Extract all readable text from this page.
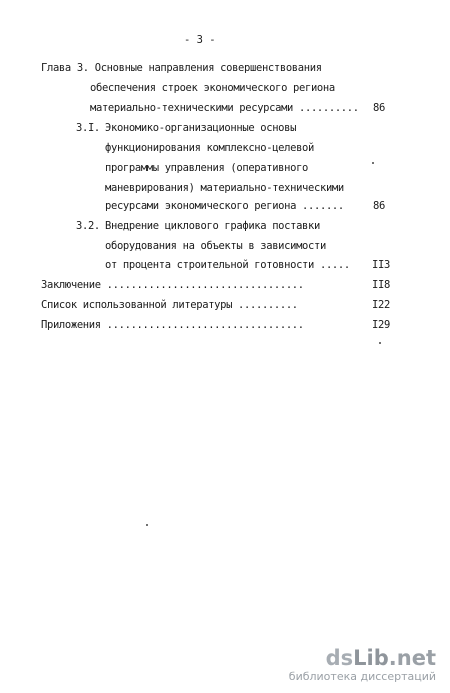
- 3 -
Глава 3. Основные направления совершенствования
обеспечения строек экономического региона
материально-техническими ресурсами .......... 86
3.I. Экономико-организационные основы
функционирования комплексно-целевой
программы управления (оперативного
маневрирования) материально-техническими
ресурсами экономического региона .......	86
3.2. Внедрение циклового графика поставки
оборудования на объекты в зависимости
от процента строительной готовности ..... II3
Заключение .................................	II8
Список использованной литературы ..........	I22
Приложения .................................	I29
dsLib.net
библиотека диссертаций
